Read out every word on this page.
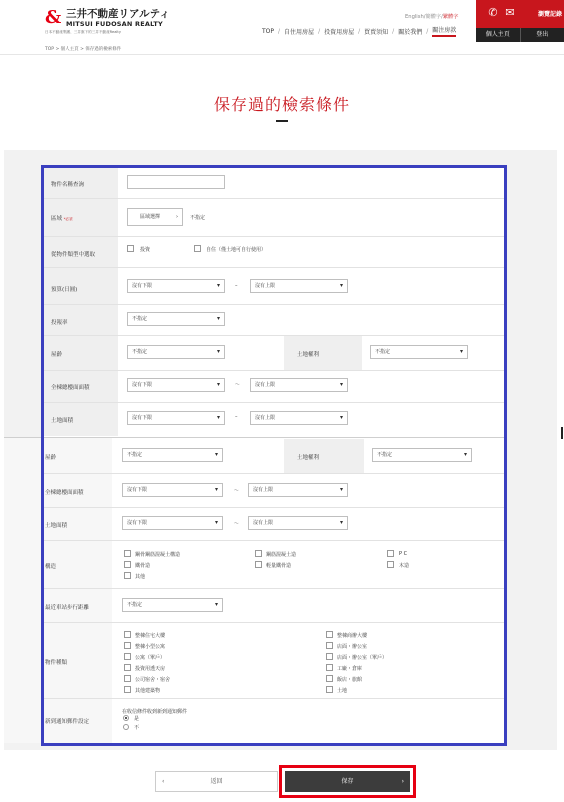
& 三井不動産リアルティ
MITSUI FUDOSAN REALTY
日本不動產集團、三井旗下的三井不動產Realty
English/簡體字/繁體字
TOP / 自住用房屋 / 投資用房屋 / 買賣須知 / 關於我們 / 關注房款
✆ ✉	瀏覽記錄
個人主頁	登出
TOP > 個人主頁 > 保存過的檢索條件
保存過的檢索條件
物件名稱查詢
區域 *必須	區域選擇	› 不指定
從物件類型中選取
投資	自住（僅土地可自行使用）
預算(日圓)
沒有下限 ▾	–	沒有上限 ▾
投報率
不指定 ▾
屋齡	不指定 ▾	土地權利	不指定 ▾
全棟總樓面面積	沒有下限 ▾	～	沒有上限 ▾
土地面積	沒有下限 ▾	–	沒有上限 ▾
屋齡	不指定 ▾	土地權利	不指定 ▾
全棟總樓面面積	沒有下限 ▾	～	沒有上限 ▾
土地面積	沒有下限 ▾	～	沒有上限 ▾
構造
鋼骨鋼筋混凝土構造	鋼筋混凝土造	P C
鐵骨造	輕量鐵骨造	木造
其他
最近車站步行距離	不指定 ▾
物件種類
整棟住宅大樓	整棟商辦大樓
整棟小型公寓	店面・辦公室
公寓（單戶）	店面・辦公室（單戶）
投資用透天房	工廠・倉庫
公司宿舍・宿舍	飯店・旅館
其他建築物	土地
新到通知郵件設定
在收信條件收到新到通知郵件
是
不
‹	返回	保存	›
